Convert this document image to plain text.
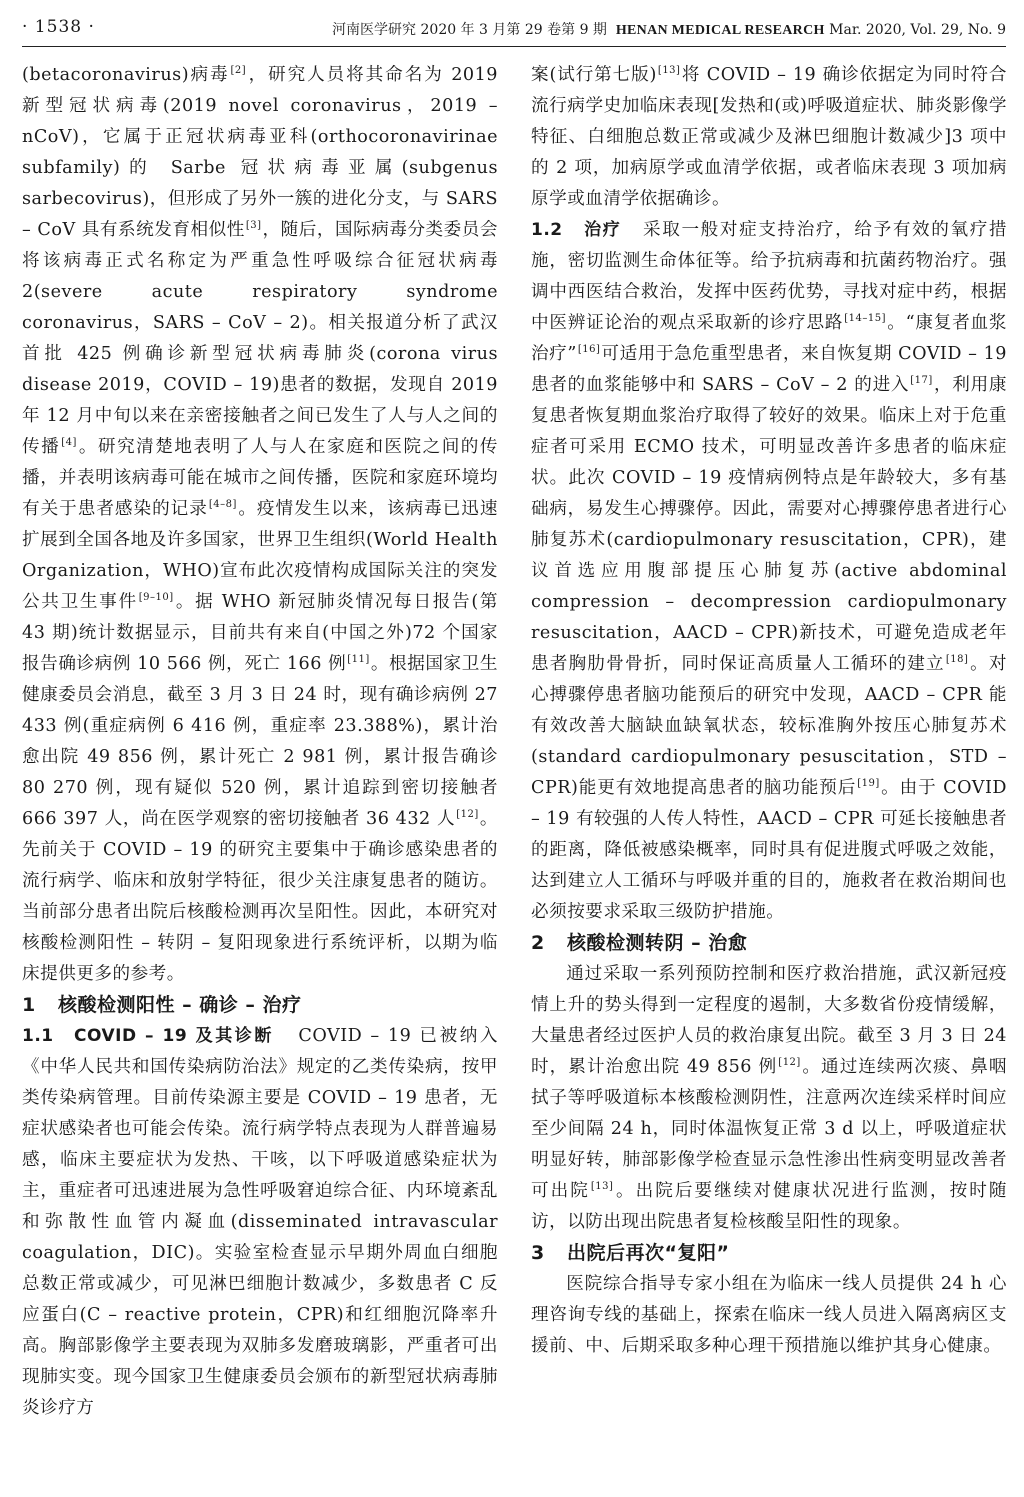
· 1538 ·	河南医学研究 2020 年 3 月第 29 卷第 9 期 HENAN MEDICAL RESEARCH Mar. 2020, Vol. 29, No. 9

(betacoronavirus)病毒[2]，研究人员将其命名为 2019 新型冠状病毒(2019 novel coronavirus，2019 – nCoV)，它属于正冠状病毒亚科(orthocoronavirinae subfamily)的 Sarbe 冠状病毒亚属(subgenus sarbecovirus)，但形成了另外一簇的进化分支，与 SARS – CoV 具有系统发育相似性[3]，随后，国际病毒分类委员会将该病毒正式名称定为严重急性呼吸综合征冠状病毒 2(severe acute respiratory syndrome coronavirus，SARS – CoV – 2)。相关报道分析了武汉首批 425 例确诊新型冠状病毒肺炎(corona virus disease 2019，COVID – 19)患者的数据，发现自 2019 年 12 月中旬以来在亲密接触者之间已发生了人与人之间的传播[4]。研究清楚地表明了人与人在家庭和医院之间的传播，并表明该病毒可能在城市之间传播，医院和家庭环境均有关于患者感染的记录[4–8]。疫情发生以来，该病毒已迅速扩展到全国各地及许多国家，世界卫生组织(World Health Organization，WHO)宣布此次疫情构成国际关注的突发公共卫生事件[9–10]。据 WHO 新冠肺炎情况每日报告(第 43 期)统计数据显示，目前共有来自(中国之外)72 个国家报告确诊病例 10 566 例，死亡 166 例[11]。根据国家卫生健康委员会消息，截至 3 月 3 日 24 时，现有确诊病例 27 433 例(重症病例 6 416 例，重症率 23.388%)，累计治愈出院 49 856 例，累计死亡 2 981 例，累计报告确诊 80 270 例，现有疑似 520 例，累计追踪到密切接触者 666 397 人，尚在医学观察的密切接触者 36 432 人[12]。先前关于 COVID – 19 的研究主要集中于确诊感染患者的流行病学、临床和放射学特征，很少关注康复患者的随访。当前部分患者出院后核酸检测再次呈阳性。因此，本研究对核酸检测阳性 – 转阴 – 复阳现象进行系统评析，以期为临床提供更多的参考。

1 核酸检测阳性 – 确诊 – 治疗

1.1 COVID – 19 及其诊断 COVID – 19 已被纳入《中华人民共和国传染病防治法》规定的乙类传染病，按甲类传染病管理。目前传染源主要是 COVID – 19 患者，无症状感染者也可能会传染。流行病学特点表现为人群普遍易感，临床主要症状为发热、干咳，以下呼吸道感染症状为主，重症者可迅速进展为急性呼吸窘迫综合征、内环境紊乱和弥散性血管内凝血(disseminated intravascular coagulation，DIC)。实验室检查显示早期外周血白细胞总数正常或减少，可见淋巴细胞计数减少，多数患者 C 反应蛋白(C – reactive protein，CPR)和红细胞沉降率升高。胸部影像学主要表现为双肺多发磨玻璃影，严重者可出现肺实变。现今国家卫生健康委员会颁布的新型冠状病毒肺炎诊疗方

案(试行第七版)[13]将 COVID – 19 确诊依据定为同时符合流行病学史加临床表现[发热和(或)呼吸道症状、肺炎影像学特征、白细胞总数正常或减少及淋巴细胞计数减少]3 项中的 2 项，加病原学或血清学依据，或者临床表现 3 项加病原学或血清学依据确诊。

1.2 治疗 采取一般对症支持治疗，给予有效的氧疗措施，密切监测生命体征等。给予抗病毒和抗菌药物治疗。强调中西医结合救治，发挥中医药优势，寻找对症中药，根据中医辨证论治的观点采取新的诊疗思路[14–15]。“康复者血浆治疗”[16]可适用于急危重型患者，来自恢复期 COVID – 19 患者的血浆能够中和 SARS – CoV – 2 的进入[17]，利用康复患者恢复期血浆治疗取得了较好的效果。临床上对于危重症者可采用 ECMO 技术，可明显改善许多患者的临床症状。此次 COVID – 19 疫情病例特点是年龄较大，多有基础病，易发生心搏骤停。因此，需要对心搏骤停患者进行心肺复苏术(cardiopulmonary resuscitation，CPR)，建议首选应用腹部提压心肺复苏(active abdominal compression – decompression cardiopulmonary resuscitation，AACD – CPR)新技术，可避免造成老年患者胸肋骨骨折，同时保证高质量人工循环的建立[18]。对心搏骤停患者脑功能预后的研究中发现，AACD – CPR 能有效改善大脑缺血缺氧状态，较标准胸外按压心肺复苏术(standard cardiopulmonary pesuscitation，STD – CPR)能更有效地提高患者的脑功能预后[19]。由于 COVID – 19 有较强的人传人特性，AACD – CPR 可延长接触患者的距离，降低被感染概率，同时具有促进腹式呼吸之效能，达到建立人工循环与呼吸并重的目的，施救者在救治期间也必须按要求采取三级防护措施。

2 核酸检测转阴 – 治愈

通过采取一系列预防控制和医疗救治措施，武汉新冠疫情上升的势头得到一定程度的遏制，大多数省份疫情缓解，大量患者经过医护人员的救治康复出院。截至 3 月 3 日 24 时，累计治愈出院 49 856 例[12]。通过连续两次痰、鼻咽拭子等呼吸道标本核酸检测阴性，注意两次连续采样时间应至少间隔 24 h，同时体温恢复正常 3 d 以上，呼吸道症状明显好转，肺部影像学检查显示急性渗出性病变明显改善者可出院[13]。出院后要继续对健康状况进行监测，按时随访，以防出现出院患者复检核酸呈阳性的现象。

3 出院后再次“复阳”

医院综合指导专家小组在为临床一线人员提供 24 h 心理咨询专线的基础上，探索在临床一线人员进入隔离病区支援前、中、后期采取多种心理干预措施以维护其身心健康。
